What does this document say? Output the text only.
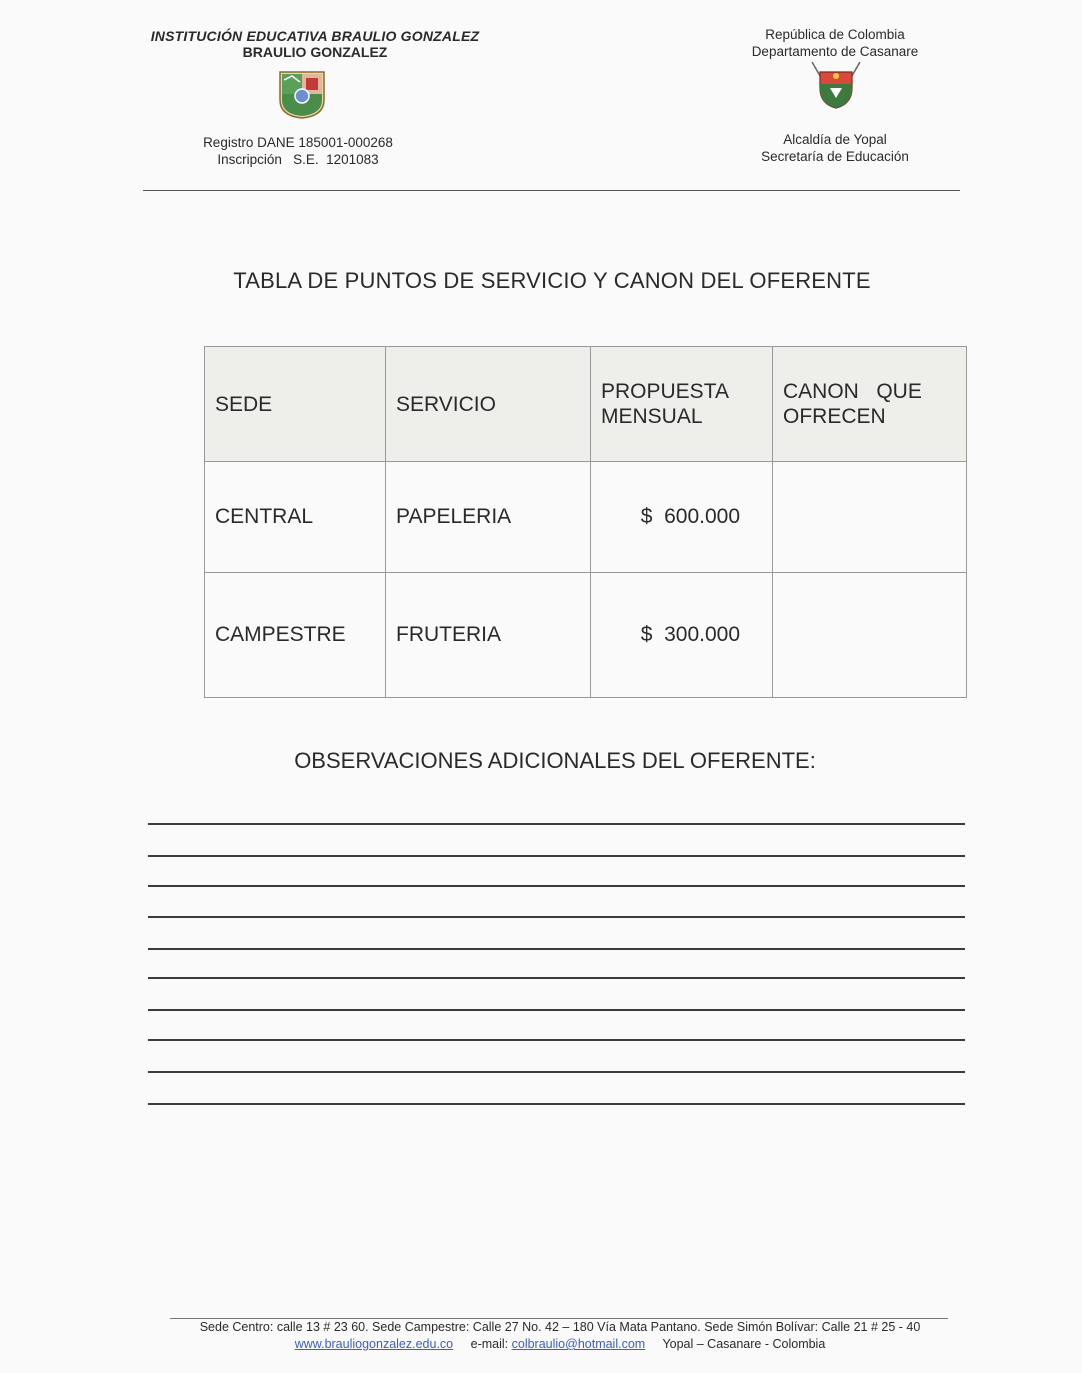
INSTITUCIÓN EDUCATIVA BRAULIO GONZALEZ
BRAULIO GONZALEZ
Registro DANE 185001-000268
Inscripción   S.E.  1201083
República de Colombia
Departamento de Casanare
Alcaldía de Yopal
Secretaría de Educación
TABLA DE PUNTOS DE SERVICIO Y CANON DEL OFERENTE
SEDE	SERVICIO	PROPUESTA MENSUAL	CANON   QUE OFRECEN
CENTRAL	PAPELERIA	$  600.000	
CAMPESTRE	FRUTERIA	$  300.000	
OBSERVACIONES ADICIONALES DEL OFERENTE:
Sede Centro: calle 13 # 23 60. Sede Campestre: Calle 27 No. 42 – 180 Vía Mata Pantano. Sede Simón Bolívar: Calle 21 # 25 - 40
www.brauliogonzalez.edu.co e-mail: colbraulio@hotmail.com Yopal – Casanare - Colombia
